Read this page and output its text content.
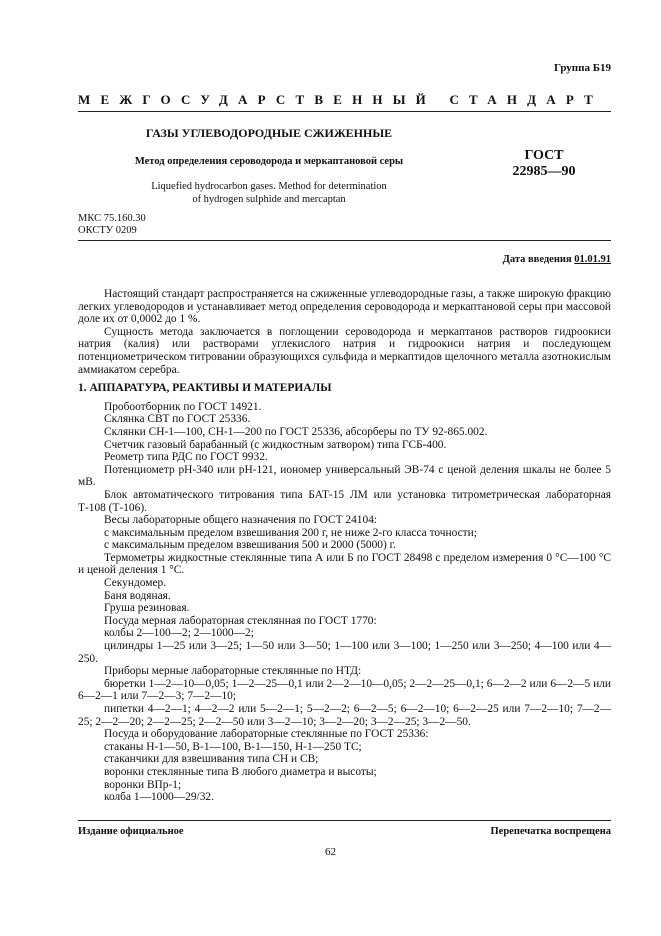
Группа Б19
МЕЖГОСУДАРСТВЕННЫЙ СТАНДАРТ
ГАЗЫ УГЛЕВОДОРОДНЫЕ СЖИЖЕННЫЕ
Метод определения сероводорода и меркаптановой серы
Liquefied hydrocarbon gases. Method for determination
of hydrogen sulphide and mercaptan
ГОСТ
22985—90
МКС 75.160.30
ОКСТУ 0209
Дата введения 01.01.91

Настоящий стандарт распространяется на сжиженные углеводородные газы, а также широкую фракцию легких углеводородов и устанавливает метод определения сероводорода и меркаптановой серы при массовой доле их от 0,0002 до 1 %.

Сущность метода заключается в поглощении сероводорода и меркаптанов растворов гидроокиси натрия (калия) или растворами углекислого натрия и гидроокиси натрия и последующем потенциометрическом титровании образующихся сульфида и меркаптидов щелочного металла азотнокислым аммиакатом серебра.

1. АППАРАТУРА, РЕАКТИВЫ И МАТЕРИАЛЫ

Пробоотборник по ГОСТ 14921.

Склянка СВТ по ГОСТ 25336.

Склянки СН-1—100, СН-1—200 по ГОСТ 25336, абсорберы по ТУ 92-865.002.

Счетчик газовый барабанный (с жидкостным затвором) типа ГСБ-400.

Реометр типа РДС по ГОСТ 9932.

Потенциометр рН-340 или рН-121, иономер универсальный ЭВ-74 с ценой деления шкалы не более 5 мВ.

Блок автоматического титрования типа БАТ-15 ЛМ или установка титрометрическая лабораторная Т-108 (Т-106).

Весы лабораторные общего назначения по ГОСТ 24104:

с максимальным пределом взвешивания 200 г, не ниже 2-го класса точности;

с максимальным пределом взвешивания 500 и 2000 (5000) г.

Термометры жидкостные стеклянные типа А или Б по ГОСТ 28498 с пределом измерения 0 °С—100 °С и ценой деления 1 °С.

Секундомер.

Баня водяная.

Груша резиновая.

Посуда мерная лабораторная стеклянная по ГОСТ 1770:

колбы 2—100—2; 2—1000—2;

цилиндры 1—25 или 3—25; 1—50 или 3—50; 1—100 или 3—100; 1—250 или 3—250; 4—100 или 4—250.

Приборы мерные лабораторные стеклянные по НТД:

бюретки 1—2—10—0,05; 1—2—25—0,1 или 2—2—10—0,05; 2—2—25—0,1; 6—2—2 или 6—2—5 или 6—2—1 или 7—2—3; 7—2—10;

пипетки 4—2—1; 4—2—2 или 5—2—1; 5—2—2; 6—2—5; 6—2—10; 6—2—25 или 7—2—10; 7—2—25; 2—2—20; 2—2—25; 2—2—50 или 3—2—10; 3—2—20; 3—2—25; 3—2—50.

Посуда и оборудование лабораторные стеклянные по ГОСТ 25336:

стаканы Н-1—50, В-1—100, В-1—150, Н-1—250 ТС;

стаканчики для взвешивания типа СН и СВ;

воронки стеклянные типа В любого диаметра и высоты;

воронки ВПр-1;

колба 1—1000—29/32.

Издание официальное	Перепечатка воспрещена
62
